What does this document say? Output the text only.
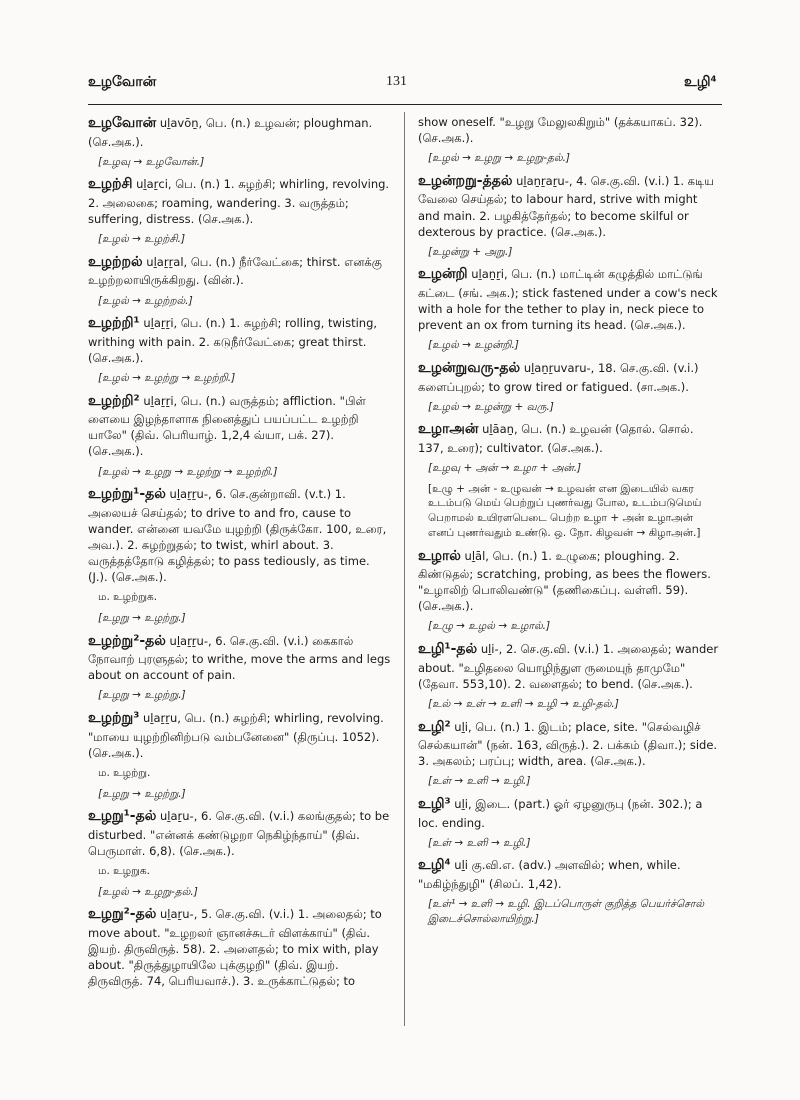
உழவோன்	131	உழி⁴
உழவோன் uḻavōṉ, பெ. (n.) உழவன்; ploughman. (செ.அக.).
[உழவு → உழவோன்.]
உழற்சி uḻaṟci, பெ. (n.) 1. சுழற்சி; whirling, revolving. 2. அலைகை; roaming, wandering. 3. வருத்தம்; suffering, distress. (செ.அக.).
[உழல் → உழற்சி.]
உழற்றல் uḻaṟṟal, பெ. (n.) நீர்வேட்கை; thirst. எனக்கு உழற்றலாயிருக்கிறது. (வின்.).
[உழல் → உழற்றல்.]
உழற்றி¹ uḻaṟṟi, பெ. (n.) 1. சுழற்சி; rolling, twisting, writhing with pain. 2. கடுநீர்வேட்கை; great thirst. (செ.அக.).
[உழல் → உழற்று → உழற்றி.]
உழற்றி² uḻaṟṟi, பெ. (n.) வருத்தம்; affliction. "பிள் ளையை இழந்தாளாக நினைத்துப் பயப்பட்ட உழற்றி யாலே" (திவ். பெரியாழ். 1,2,4 வ்யா, பக். 27). (செ.அக.).
[உழல் → உழறு → உழற்று → உழற்றி.]
உழற்று¹-தல் uḻaṟṟu-, 6. செ.குன்றாவி. (v.t.) 1. அலையச் செய்தல்; to drive to and fro, cause to wander. என்னை யவமே யுழற்றி (திருக்கோ. 100, உரை, அவ.). 2. சுழற்றுதல்; to twist, whirl about. 3. வருத்தத்தோடு கழித்தல்; to pass tediously, as time. (J.). (செ.அக.).
ம. உழற்றுக.
[உழறு → உழற்று.]
உழற்று²-தல் uḻaṟṟu-, 6. செ.கு.வி. (v.i.) கைகால் நோவாற் புரளுதல்; to writhe, move the arms and legs about on account of pain.
[உழறு → உழற்று.]
உழற்று³ uḻaṟṟu, பெ. (n.) சுழற்சி; whirling, revolving. "மாயை யுழற்றினிற்படு வம்பனேனை" (திருப்பு. 1052). (செ.அக.).
ம. உழற்று.
[உழறு → உழற்று.]
உழறு¹-தல் uḻaṟu-, 6. செ.கு.வி. (v.i.) கலங்குதல்; to be disturbed. "என்னக் கண்டுழறா நெகிழ்ந்தாய்" (திவ். பெருமாள். 6,8). (செ.அக.).
ம. உழறுக.
[உழல் → உழறு-தல்.]
உழறு²-தல் uḻaṟu-, 5. செ.கு.வி. (v.i.) 1. அலைதல்; to move about. "உழறலர் ஞானச்சுடர் விளக்காய்" (திவ். இயற். திருவிருத். 58). 2. அளைதல்; to mix with, play about. "திருத்துழாயிலே புக்குழறி" (திவ். இயற். திருவிருத். 74, பெரியவாச்.). 3. உருக்காட்டுதல்; to
show oneself. "உழறு மேலுலகிறும்" (தக்கயாகப். 32). (செ.அக.).
[உழல் → உழறு → உழறு-தல்.]
உழன்றறு-த்தல் uḻaṉṟaṟu-, 4. செ.கு.வி. (v.i.) 1. கடிய வேலை செய்தல்; to labour hard, strive with might and main. 2. பழகித்தேர்தல்; to become skilful or dexterous by practice. (செ.அக.).
[உழன்று + அறு.]
உழன்றி uḻaṉṟi, பெ. (n.) மாட்டின் கழுத்தில் மாட்டுங் கட்டை (சங். அக.); stick fastened under a cow's neck with a hole for the tether to play in, neck piece to prevent an ox from turning its head. (செ.அக.).
[உழல் → உழன்றி.]
உழன்றுவரு-தல் uḻaṉṟuvaru-, 18. செ.கு.வி. (v.i.) களைப்புறல்; to grow tired or fatigued. (சா.அக.).
[உழல் → உழன்று + வரு.]
உழாஅன் uḻāaṉ, பெ. (n.) உழவன் (தொல். சொல். 137, உரை); cultivator. (செ.அக.).
[உழவு + அன் → உழா + அன்.]
[உழு + அன் - உழுவன் → உழவன் என இடையில் வகர உடம்படு மெய் பெற்றுப் புணர்வது போல, உடம்படுமெய் பெறாமல் உயிரளபெடை பெற்ற உழா + அன் உழாஅன் எனப் புணர்வதும் உண்டு. ஒ. நோ. கிழவன் → கிழாஅன்.]
உழால் uḻāl, பெ. (n.) 1. உழுகை; ploughing. 2. கிண்டுதல்; scratching, probing, as bees the flowers. "உழாலிற் பொலிவண்டு" (தணிகைப்பு. வள்ளி. 59). (செ.அக.).
[உழு → உழல் → உழால்.]
உழி¹-தல் uḻi-, 2. செ.கு.வி. (v.i.) 1. அலைதல்; wander about. "உழிதலை யொழிந்துள ருமையுந் தாமுமே" (தேவா. 553,10). 2. வளைதல்; to bend. (செ.அக.).
[உல் → உள் → உளி → உழி → உழி-தல்.]
உழி² uḻi, பெ. (n.) 1. இடம்; place, site. "செல்வழிச் செல்கயான்" (நன். 163, விருத்.). 2. பக்கம் (திவா.); side. 3. அகலம்; பரப்பு; width, area. (செ.அக.).
[உள் → உளி → உழி.]
உழி³ uḻi, இடை. (part.) ஓர் ஏழனுருபு (நன். 302.); a loc. ending.
[உள் → உளி → உழி.]
உழி⁴ uḻi கு.வி.எ. (adv.) அளவில்; when, while. "மகிழ்ந்துழி" (சிலப். 1,42).
[உள்¹ → உளி → உழி. இடப்பொருள் குறித்த பெயர்ச்சொல் இடைச்சொல்லாயிற்று.]
